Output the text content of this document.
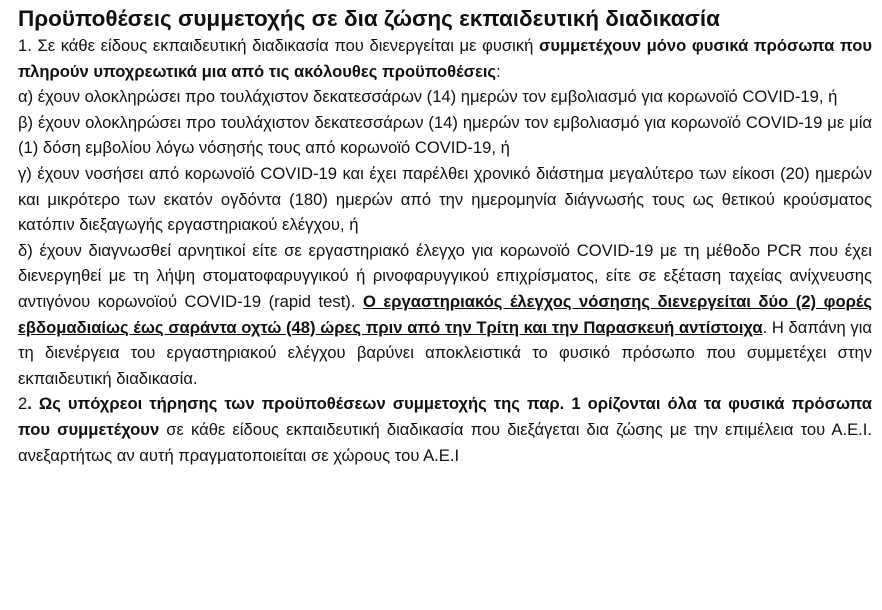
Προϋποθέσεις συμμετοχής σε δια ζώσης εκπαιδευτική διαδικασία

1. Σε κάθε είδους εκπαιδευτική διαδικασία που διενεργείται με φυσική συμμετέχουν μόνο φυσικά πρόσωπα που πληρούν υποχρεωτικά μια από τις ακόλουθες προϋποθέσεις:

α) έχουν ολοκληρώσει προ τουλάχιστον δεκατεσσάρων (14) ημερών τον εμβολιασμό για κορωνοϊό COVID-19, ή

β) έχουν ολοκληρώσει προ τουλάχιστον δεκατεσσάρων (14) ημερών τον εμβολιασμό για κορωνοϊό COVID-19 με μία (1) δόση εμβολίου λόγω νόσησής τους από κορωνοϊό COVID-19, ή

γ) έχουν νοσήσει από κορωνοϊό COVID-19 και έχει παρέλθει χρονικό διάστημα μεγαλύτερο των είκοσι (20) ημερών και μικρότερο των εκατόν ογδόντα (180) ημερών από την ημερομηνία διάγνωσής τους ως θετικού κρούσματος κατόπιν διεξαγωγής εργαστηριακού ελέγχου, ή

δ) έχουν διαγνωσθεί αρνητικοί είτε σε εργαστηριακό έλεγχο για κορωνοϊό COVID-19 με τη μέθοδο PCR που έχει διενεργηθεί με τη λήψη στοματοφαρυγγικού ή ρινοφαρυγγικού επιχρίσματος, είτε σε εξέταση ταχείας ανίχνευσης αντιγόνου κορωνοϊού COVID-19 (rapid test). Ο εργαστηριακός έλεγχος νόσησης διενεργείται δύο (2) φορές εβδομαδιαίως έως σαράντα οχτώ (48) ώρες πριν από την Τρίτη και την Παρασκευή αντίστοιχα. Η δαπάνη για τη διενέργεια του εργαστηριακού ελέγχου βαρύνει αποκλειστικά το φυσικό πρόσωπο που συμμετέχει στην εκπαιδευτική διαδικασία.

2. Ως υπόχρεοι τήρησης των προϋποθέσεων συμμετοχής της παρ. 1 ορίζονται όλα τα φυσικά πρόσωπα που συμμετέχουν σε κάθε είδους εκπαιδευτική διαδικασία που διεξάγεται δια ζώσης με την επιμέλεια του Α.Ε.Ι. ανεξαρτήτως αν αυτή πραγματοποιείται σε χώρους του Α.Ε.Ι
